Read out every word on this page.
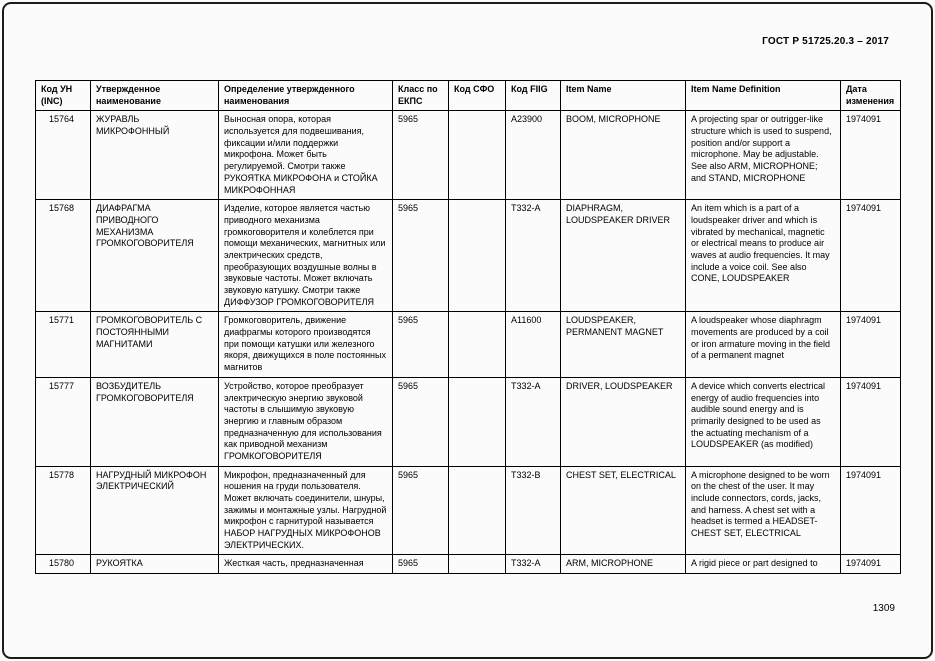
ГОСТ Р 51725.20.3 – 2017
Код УН (INC)	Утвержденное наименование	Определение утвержденного наименования	Класс по ЕКПС	Код СФО	Код FIIG	Item Name	Item Name Definition	Дата изменения
15764	ЖУРАВЛЬ МИКРОФОННЫЙ	Выносная опора, которая используется для подвешивания, фиксации и/или поддержки микрофона. Может быть регулируемой. Смотри также РУКОЯТКА МИКРОФОНА и СТОЙКА МИКРОФОННАЯ	5965		A23900	BOOM, MICROPHONE	A projecting spar or outrigger-like structure which is used to suspend, position and/or support a microphone. May be adjustable. See also ARM, MICROPHONE; and STAND, MICROPHONE	1974091
15768	ДИАФРАГМА ПРИВОДНОГО МЕХАНИЗМА ГРОМКОГОВОРИТЕЛЯ	Изделие, которое является частью приводного механизма громкоговорителя и колеблется при помощи механических, магнитных или электрических средств, преобразующих воздушные волны в звуковые частоты. Может включать звуковую катушку. Смотри также ДИФФУЗОР ГРОМКОГОВОРИТЕЛЯ	5965		T332-A	DIAPHRAGM, LOUDSPEAKER DRIVER	An item which is a part of a loudspeaker driver and which is vibrated by mechanical, magnetic or electrical means to produce air waves at audio frequencies. It may include a voice coil. See also CONE, LOUDSPEAKER	1974091
15771	ГРОМКОГОВОРИТЕЛЬ С ПОСТОЯННЫМИ МАГНИТАМИ	Громкоговоритель, движение диафрагмы которого производятся при помощи катушки или железного якоря, движущихся в поле постоянных магнитов	5965		A11600	LOUDSPEAKER, PERMANENT MAGNET	A loudspeaker whose diaphragm movements are produced by a coil or iron armature moving in the field of a permanent magnet	1974091
15777	ВОЗБУДИТЕЛЬ ГРОМКОГОВОРИТЕЛЯ	Устройство, которое преобразует электрическую энергию звуковой частоты в слышимую звуковую энергию и главным образом предназначенную для использования как приводной механизм ГРОМКОГОВОРИТЕЛЯ	5965		T332-A	DRIVER, LOUDSPEAKER	A device which converts electrical energy of audio frequencies into audible sound energy and is primarily designed to be used as the actuating mechanism of a LOUDSPEAKER (as modified)	1974091
15778	НАГРУДНЫЙ МИКРОФОН ЭЛЕКТРИЧЕСКИЙ	Микрофон, предназначенный для ношения на груди пользователя. Может включать соединители, шнуры, зажимы и монтажные узлы. Нагрудной микрофон с гарнитурой называется НАБОР НАГРУДНЫХ МИКРОФОНОВ ЭЛЕКТРИЧЕСКИХ.	5965		T332-B	CHEST SET, ELECTRICAL	A microphone designed to be worn on the chest of the user. It may include connectors, cords, jacks, and harness. A chest set with a headset is termed a HEADSET-CHEST SET, ELECTRICAL	1974091
15780	РУКОЯТКА	Жесткая часть, предназначенная	5965		T332-A	ARM, MICROPHONE	A rigid piece or part designed to	1974091
1309
